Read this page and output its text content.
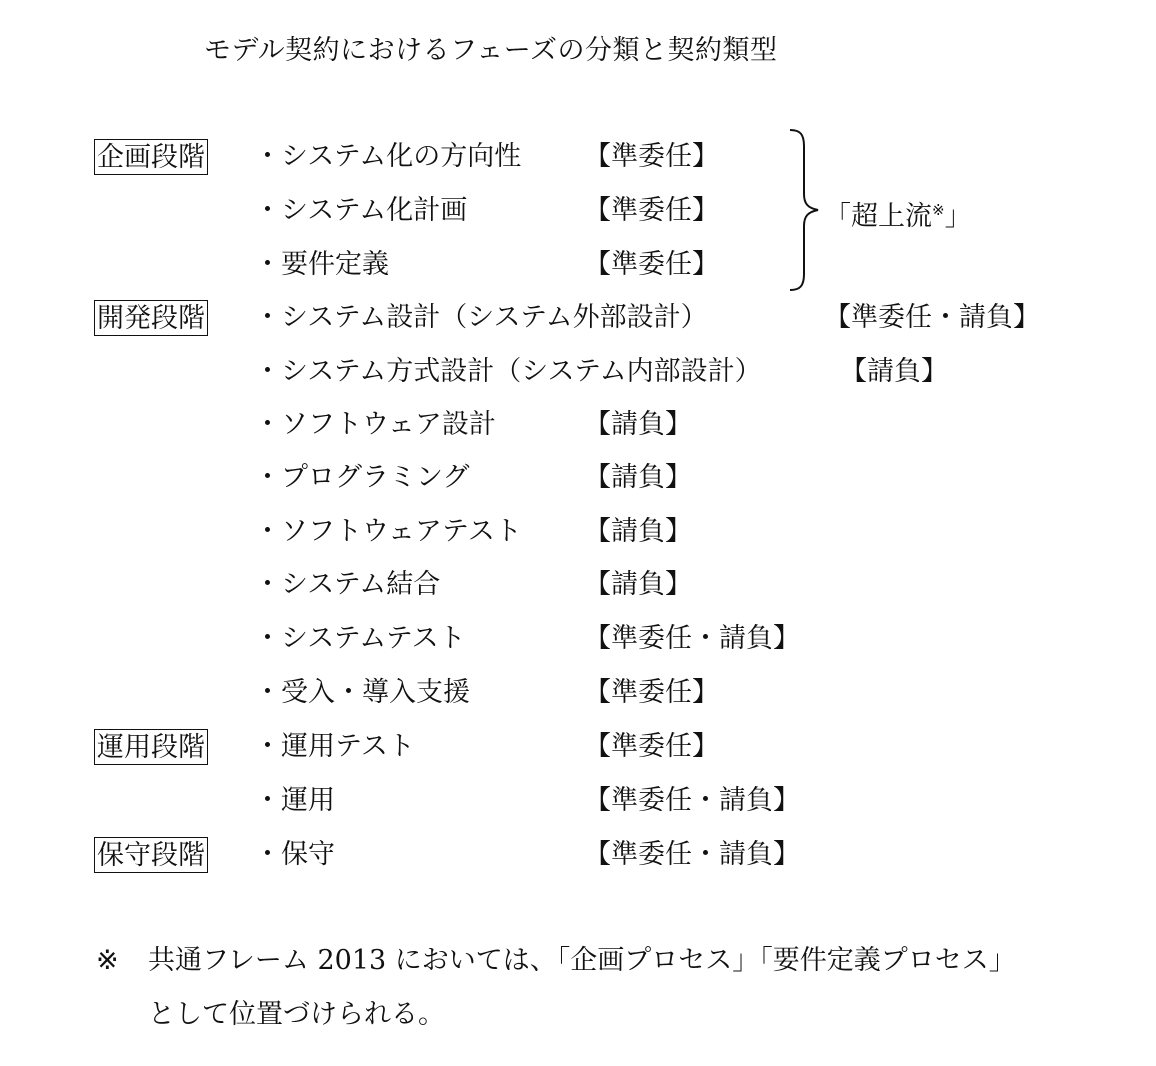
モデル契約におけるフェーズの分類と契約類型
企画段階 ・システム化の方向性 【準委任】
・システム化計画	【準委任】
・要件定義	【準委任】
開発段階 ・システム設計（システム外部設計）	【準委任・請負】
・システム方式設計（システム内部設計）	【請負】
・ソフトウェア設計	【請負】
・プログラミング	【請負】
・ソフトウェアテスト 【請負】
・システム結合	【請負】
・システムテスト	【準委任・請負】
・受入・導入支援	【準委任】
運用段階 ・運用テスト	【準委任】
・運用	【準委任・請負】
保守段階 ・保守	【準委任・請負】
「超上流※」
※ 共通フレーム 2013 においては、「企画プロセス」「要件定義プロセス」
として位置づけられる。
